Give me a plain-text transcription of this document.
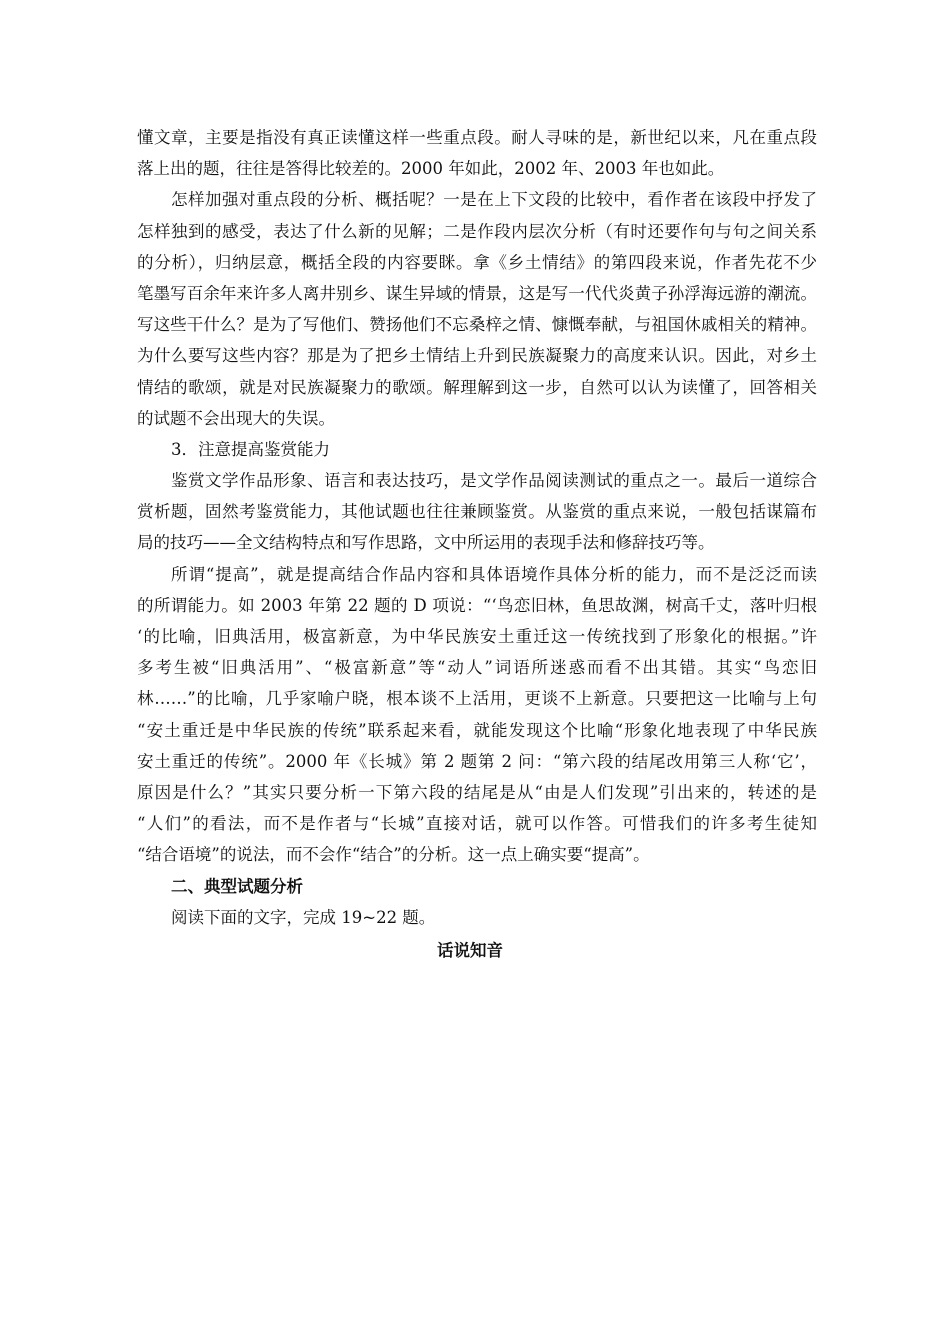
懂文章，主要是指没有真正读懂这样一些重点段。耐人寻味的是，新世纪以来，凡在重点段
落上出的题，往往是答得比较差的。2000 年如此，2002 年、2003 年也如此。
怎样加强对重点段的分析、概括呢？一是在上下文段的比较中，看作者在该段中抒发了
怎样独到的感受，表达了什么新的见解；二是作段内层次分析（有时还要作句与句之间关系
的分析），归纳层意，概括全段的内容要眯。拿《乡土情结》的第四段来说，作者先花不少
笔墨写百余年来许多人离井别乡、谋生异域的情景，这是写一代代炎黄子孙浮海远游的潮流。
写这些干什么？是为了写他们、赞扬他们不忘桑梓之情、慷慨奉献，与祖国休戚相关的精神。
为什么要写这些内容？那是为了把乡土情结上升到民族凝聚力的高度来认识。因此，对乡土
情结的歌颂，就是对民族凝聚力的歌颂。解理解到这一步，自然可以认为读懂了，回答相关
的试题不会出现大的失误。
3．注意提高鉴赏能力
鉴赏文学作品形象、语言和表达技巧，是文学作品阅读测试的重点之一。最后一道综合
赏析题，固然考鉴赏能力，其他试题也往往兼顾鉴赏。从鉴赏的重点来说，一般包括谋篇布
局的技巧——全文结构特点和写作思路，文中所运用的表现手法和修辞技巧等。
所谓“提高”，就是提高结合作品内容和具体语境作具体分析的能力，而不是泛泛而读
的所谓能力。如 2003 年第 22 题的 D 项说：“‘鸟恋旧林，鱼思故渊，树高千丈，落叶归根
‘的比喻，旧典活用，极富新意，为中华民族安土重迁这一传统找到了形象化的根据。”许
多考生被“旧典活用”、“极富新意”等“动人”词语所迷惑而看不出其错。其实“鸟恋旧
林……”的比喻，几乎家喻户晓，根本谈不上活用，更谈不上新意。只要把这一比喻与上句
“安土重迁是中华民族的传统”联系起来看，就能发现这个比喻“形象化地表现了中华民族
安土重迁的传统”。2000 年《长城》第 2 题第 2 问：“第六段的结尾改用第三人称‘它’，
原因是什么？”其实只要分析一下第六段的结尾是从“由是人们发现”引出来的，转述的是
“人们”的看法，而不是作者与“长城”直接对话，就可以作答。可惜我们的许多考生徒知
“结合语境”的说法，而不会作“结合”的分析。这一点上确实要“提高”。
二、典型试题分析
阅读下面的文字，完成 19~22 题。
话说知音
